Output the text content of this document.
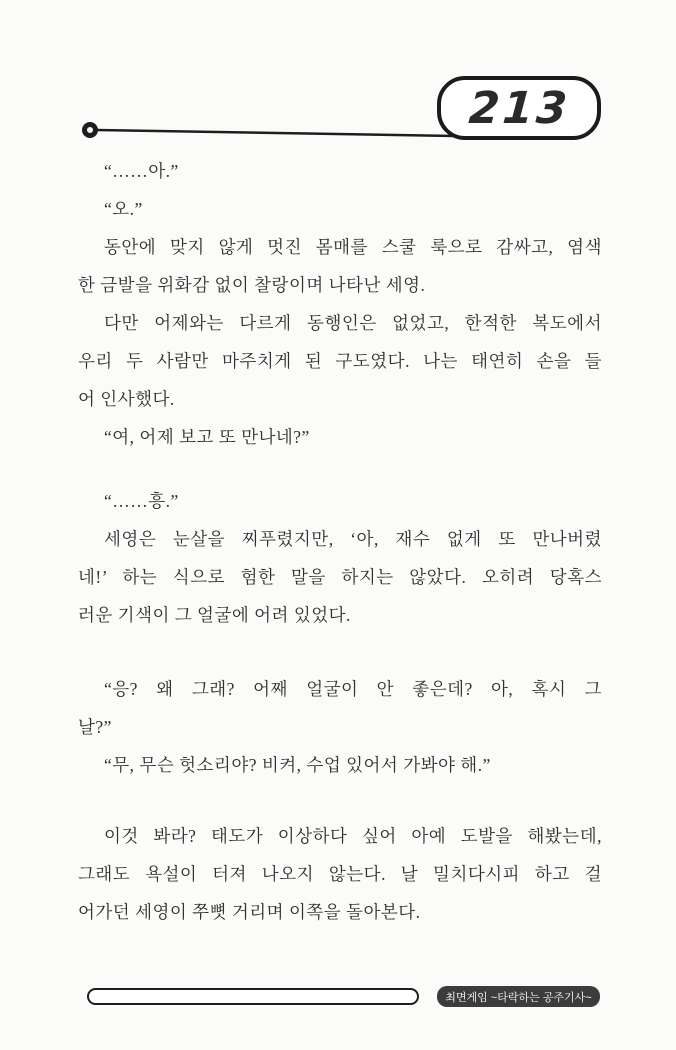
213
“……아.”
“오.”
동안에 맞지 않게 멋진 몸매를 스쿨 룩으로 감싸고, 염색
한 금발을 위화감 없이 찰랑이며 나타난 세영.
다만 어제와는 다르게 동행인은 없었고, 한적한 복도에서
우리 두 사람만 마주치게 된 구도였다. 나는 태연히 손을 들
어 인사했다.
“여, 어제 보고 또 만나네?”
“……흥.”
세영은 눈살을 찌푸렸지만, ‘아, 재수 없게 또 만나버렸
네!’ 하는 식으로 험한 말을 하지는 않았다. 오히려 당혹스
러운 기색이 그 얼굴에 어려 있었다.
“응? 왜 그래? 어째 얼굴이 안 좋은데? 아, 혹시 그
날?”
“무, 무슨 헛소리야? 비켜, 수업 있어서 가봐야 해.”
이것 봐라? 태도가 이상하다 싶어 아예 도발을 해봤는데,
그래도 욕설이 터져 나오지 않는다. 날 밀치다시피 하고 걸
어가던 세영이 쭈뼛 거리며 이쪽을 돌아본다.
최면게임 ~타락하는 공주기사~
